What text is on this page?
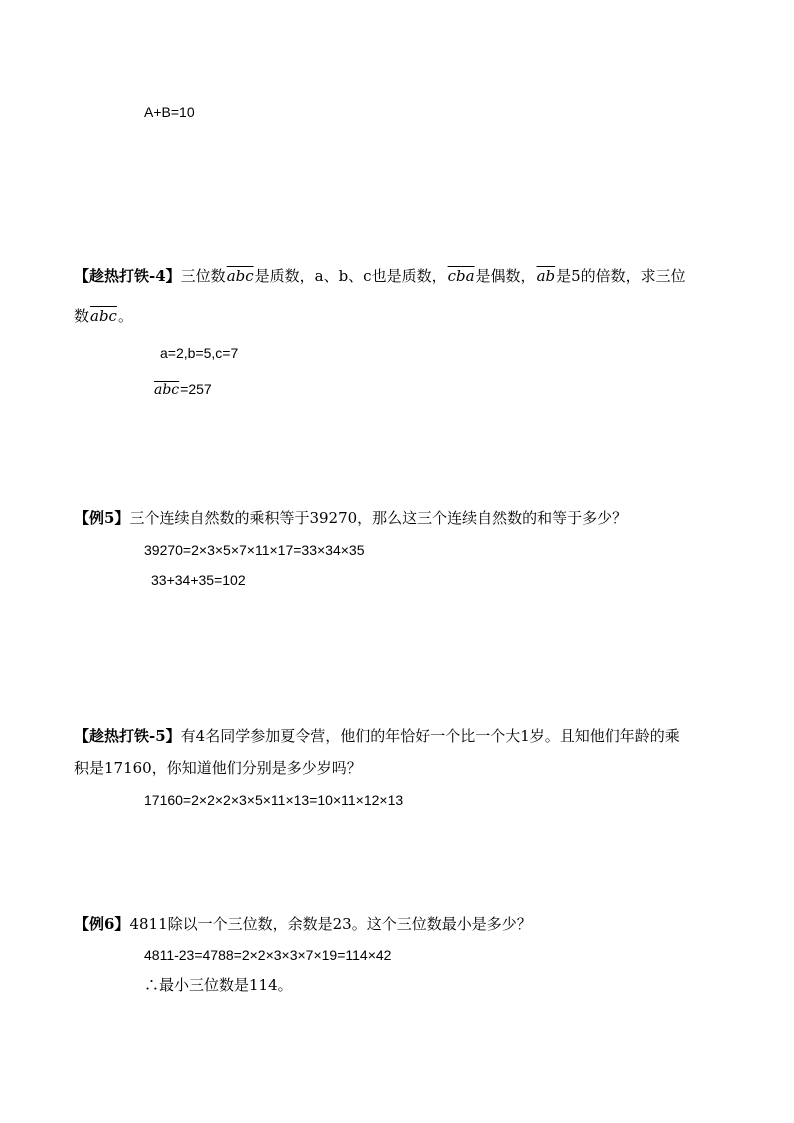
A+B=10
【趁热打铁-4】三位数$\overline{abc}$是质数，a、b、c也是质数，$\overline{cba}$是偶数，$\overline{ab}$是5的倍数，求三位
数$\overline{abc}$。
a=2,b=5,c=7
$\overline{abc}=257$
【例5】三个连续自然数的乘积等于39270，那么这三个连续自然数的和等于多少？
39270=2×3×5×7×11×17=33×34×35
33+34+35=102
【趁热打铁-5】有4名同学参加夏令营，他们的年恰好一个比一个大1岁。且知他们年龄的乘
积是17160，你知道他们分别是多少岁吗？
17160=2×2×2×3×5×11×13=10×11×12×13
【例6】4811除以一个三位数，余数是23。这个三位数最小是多少？
4811-23=4788=2×2×3×3×7×19=114×42
∴最小三位数是114。
